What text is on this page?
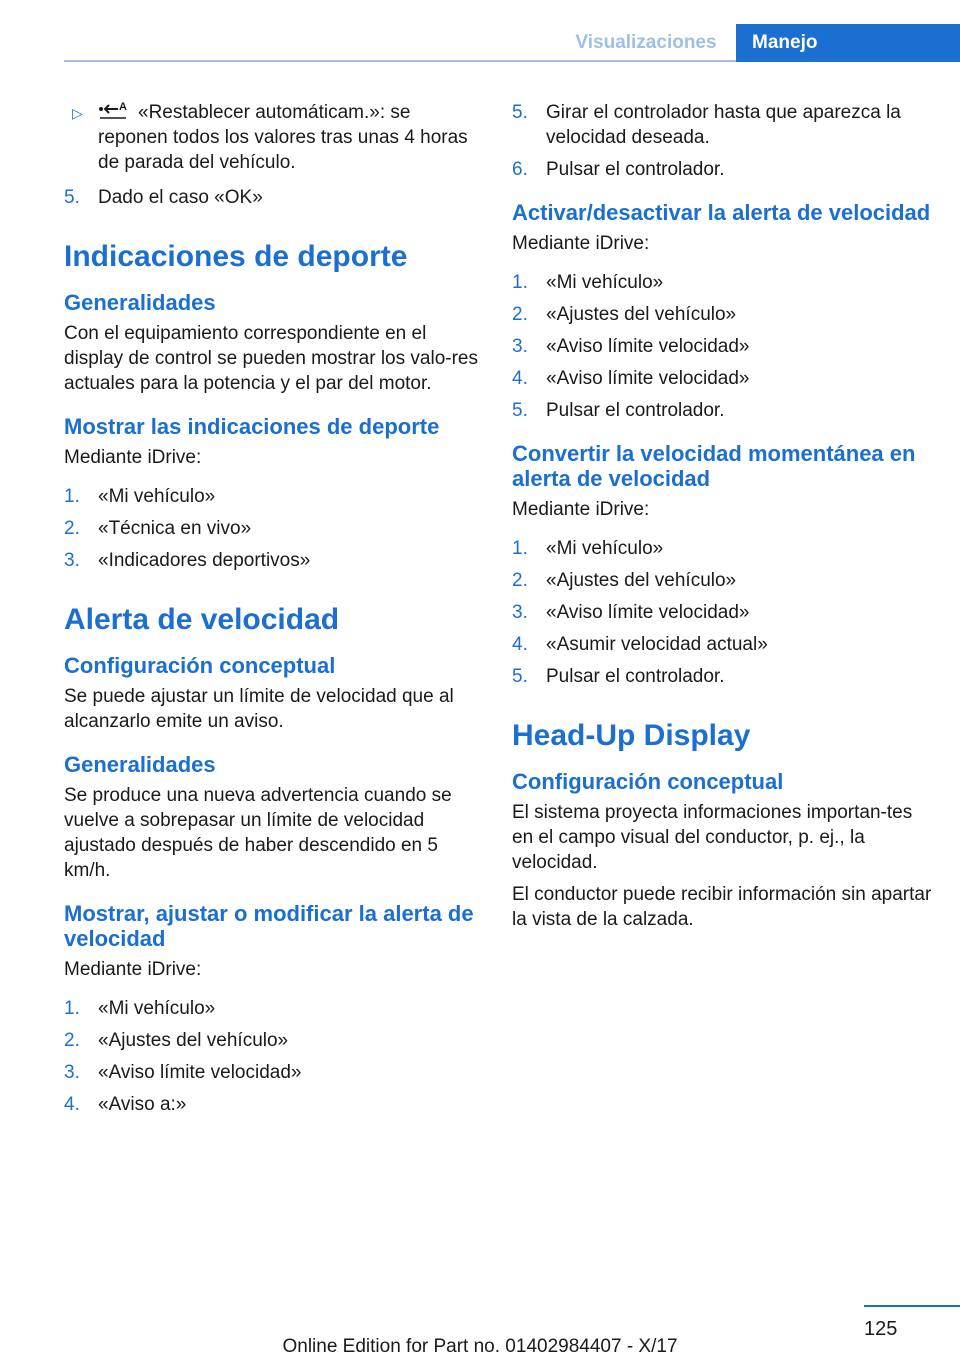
Visualizaciones	Manejo
▷	A «Restablecer automáticam.»: se reponen todos los valores tras unas 4 horas de parada del vehículo.
5. Dado el caso «OK»
Indicaciones de deporte
Generalidades

Con el equipamiento correspondiente en el display de control se pueden mostrar los valo-res actuales para la potencia y el par del motor.

Mostrar las indicaciones de deporte

Mediante iDrive:

1. «Mi vehículo»
2. «Técnica en vivo»
3. «Indicadores deportivos»
Alerta de velocidad
Configuración conceptual

Se puede ajustar un límite de velocidad que al alcanzarlo emite un aviso.

Generalidades

Se produce una nueva advertencia cuando se vuelve a sobrepasar un límite de velocidad ajustado después de haber descendido en 5 km/h.

Mostrar, ajustar o modificar la alerta de velocidad

Mediante iDrive:

1. «Mi vehículo»
2. «Ajustes del vehículo»
3. «Aviso límite velocidad»
4. «Aviso a:»
5. Girar el controlador hasta que aparezca la velocidad deseada.
6. Pulsar el controlador.
Activar/desactivar la alerta de velocidad

Mediante iDrive:

1. «Mi vehículo»
2. «Ajustes del vehículo»
3. «Aviso límite velocidad»
4. «Aviso límite velocidad»
5. Pulsar el controlador.
Convertir la velocidad momentánea en alerta de velocidad

Mediante iDrive:

1. «Mi vehículo»
2. «Ajustes del vehículo»
3. «Aviso límite velocidad»
4. «Asumir velocidad actual»
5. Pulsar el controlador.
Head-Up Display
Configuración conceptual

El sistema proyecta informaciones importan-tes en el campo visual del conductor, p. ej., la velocidad.

El conductor puede recibir información sin apartar la vista de la calzada.

125
Online Edition for Part no. 01402984407 - X/17
